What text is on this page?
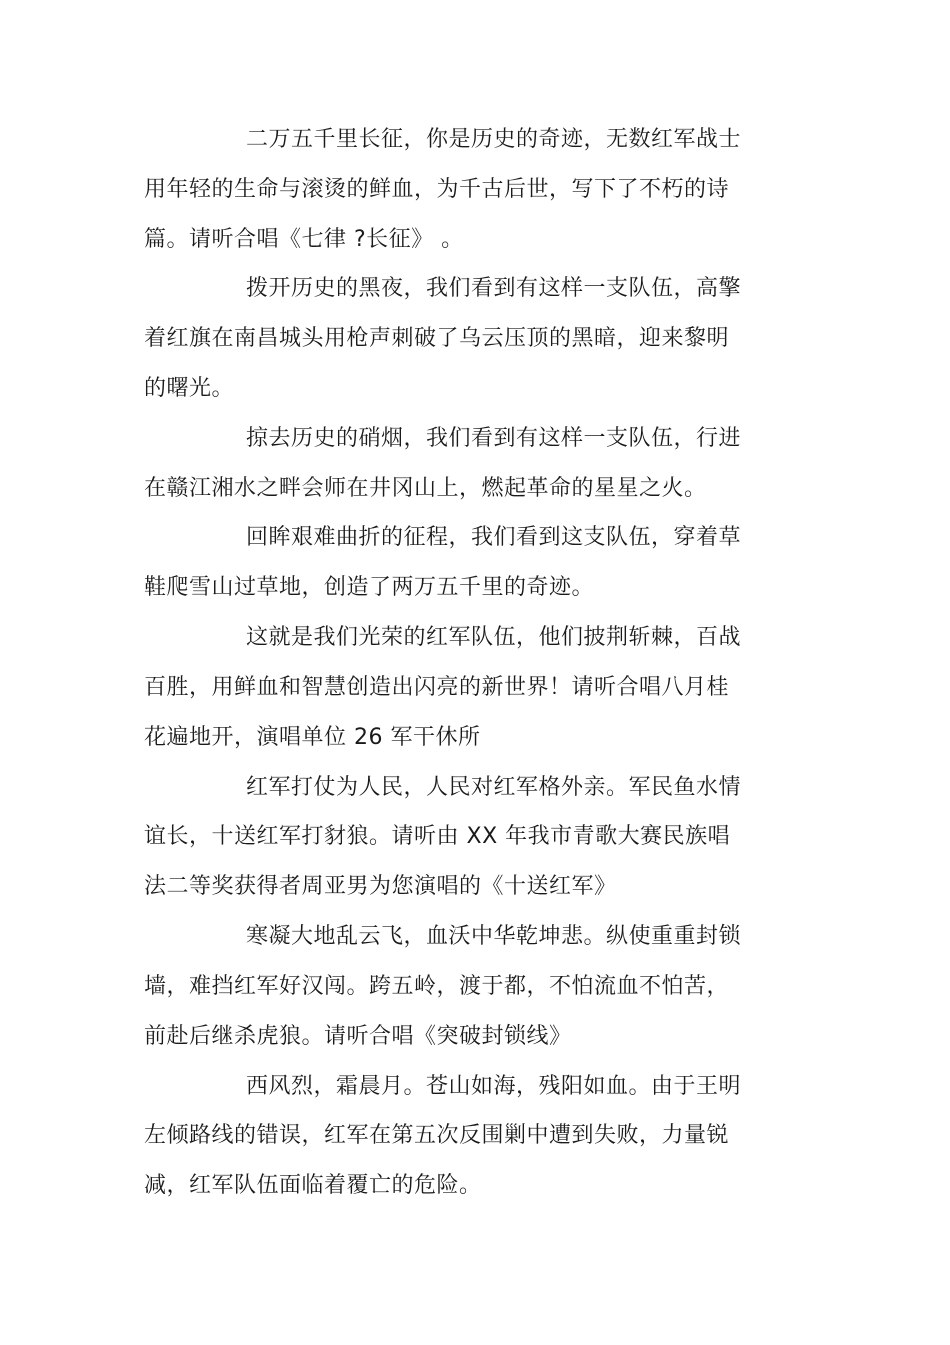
二万五千里长征，你是历史的奇迹，无数红军战士
用年轻的生命与滚烫的鲜血，为千古后世，写下了不朽的诗
篇。请听合唱《七律 ?长征》 。
拨开历史的黑夜，我们看到有这样一支队伍，高擎
着红旗在南昌城头用枪声刺破了乌云压顶的黑暗，迎来黎明
的曙光。
掠去历史的硝烟，我们看到有这样一支队伍，行进
在赣江湘水之畔会师在井冈山上，燃起革命的星星之火。
回眸艰难曲折的征程，我们看到这支队伍，穿着草
鞋爬雪山过草地，创造了两万五千里的奇迹。
这就是我们光荣的红军队伍，他们披荆斩棘，百战
百胜，用鲜血和智慧创造出闪亮的新世界！请听合唱八月桂
花遍地开，演唱单位 26 军干休所
红军打仗为人民，人民对红军格外亲。军民鱼水情
谊长，十送红军打豺狼。请听由 XX 年我市青歌大赛民族唱
法二等奖获得者周亚男为您演唱的《十送红军》
寒凝大地乱云飞，血沃中华乾坤悲。纵使重重封锁
墙，难挡红军好汉闯。跨五岭，渡于都，不怕流血不怕苦，
前赴后继杀虎狼。请听合唱《突破封锁线》
西风烈，霜晨月。苍山如海，残阳如血。由于王明
左倾路线的错误，红军在第五次反围剿中遭到失败，力量锐
减，红军队伍面临着覆亡的危险。
